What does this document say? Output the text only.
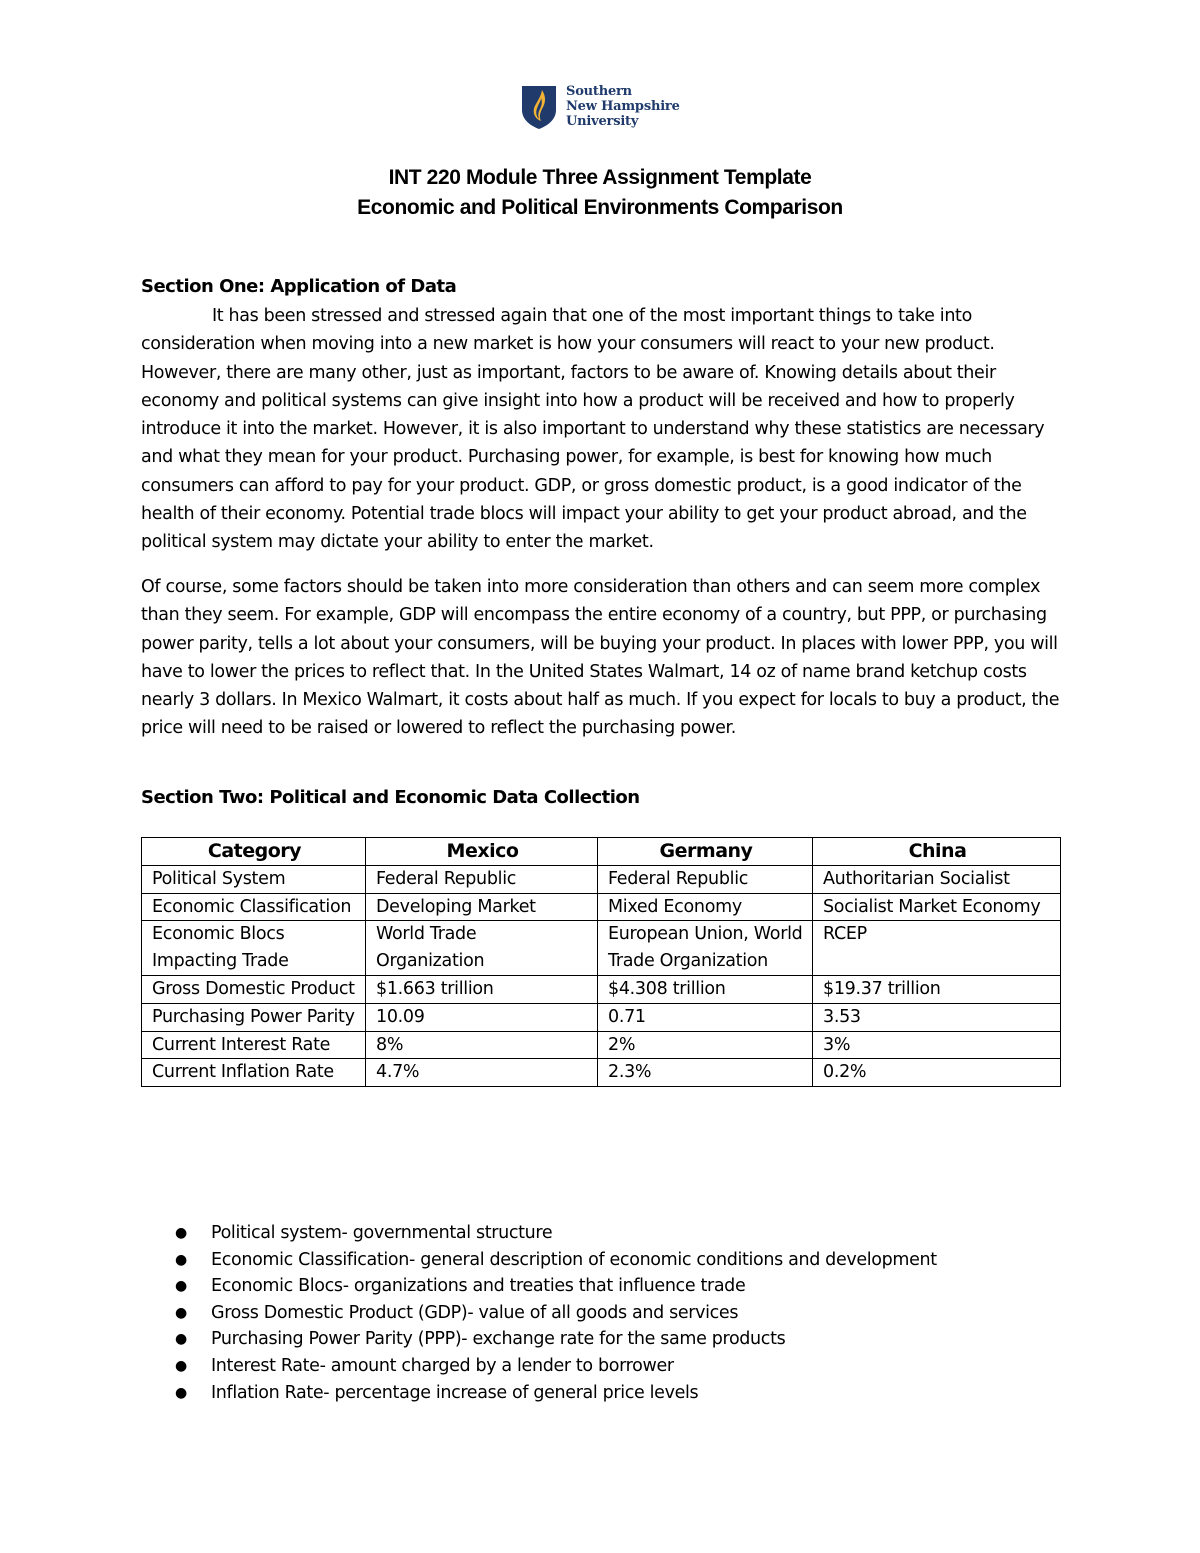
Southern
New Hampshire
University
INT 220 Module Three Assignment Template
Economic and Political Environments Comparison
Section One: Application of Data
It has been stressed and stressed again that one of the most important things to take into consideration when moving into a new market is how your consumers will react to your new product. However, there are many other, just as important, factors to be aware of. Knowing details about their economy and political systems can give insight into how a product will be received and how to properly introduce it into the market. However, it is also important to understand why these statistics are necessary and what they mean for your product. Purchasing power, for example, is best for knowing how much consumers can afford to pay for your product. GDP, or gross domestic product, is a good indicator of the health of their economy. Potential trade blocs will impact your ability to get your product abroad, and the political system may dictate your ability to enter the market.
Of course, some factors should be taken into more consideration than others and can seem more complex than they seem. For example, GDP will encompass the entire economy of a country, but PPP, or purchasing power parity, tells a lot about your consumers, will be buying your product. In places with lower PPP, you will have to lower the prices to reflect that. In the United States Walmart, 14 oz of name brand ketchup costs nearly 3 dollars. In Mexico Walmart, it costs about half as much. If you expect for locals to buy a product, the price will need to be raised or lowered to reflect the purchasing power.
Section Two: Political and Economic Data Collection
Category	Mexico	Germany	China
Political System	Federal Republic	Federal Republic	Authoritarian Socialist
Economic Classification	Developing Market	Mixed Economy	Socialist Market Economy
Economic Blocs Impacting Trade	World Trade Organization	European Union, World Trade Organization	RCEP
Gross Domestic Product	$1.663 trillion	$4.308 trillion	$19.37 trillion
Purchasing Power Parity	10.09	0.71	3.53
Current Interest Rate	8%	2%	3%
Current Inflation Rate	4.7%	2.3%	0.2%
● Political system- governmental structure
● Economic Classification- general description of economic conditions and development
● Economic Blocs- organizations and treaties that influence trade
● Gross Domestic Product (GDP)- value of all goods and services
● Purchasing Power Parity (PPP)- exchange rate for the same products
● Interest Rate- amount charged by a lender to borrower
● Inflation Rate- percentage increase of general price levels
